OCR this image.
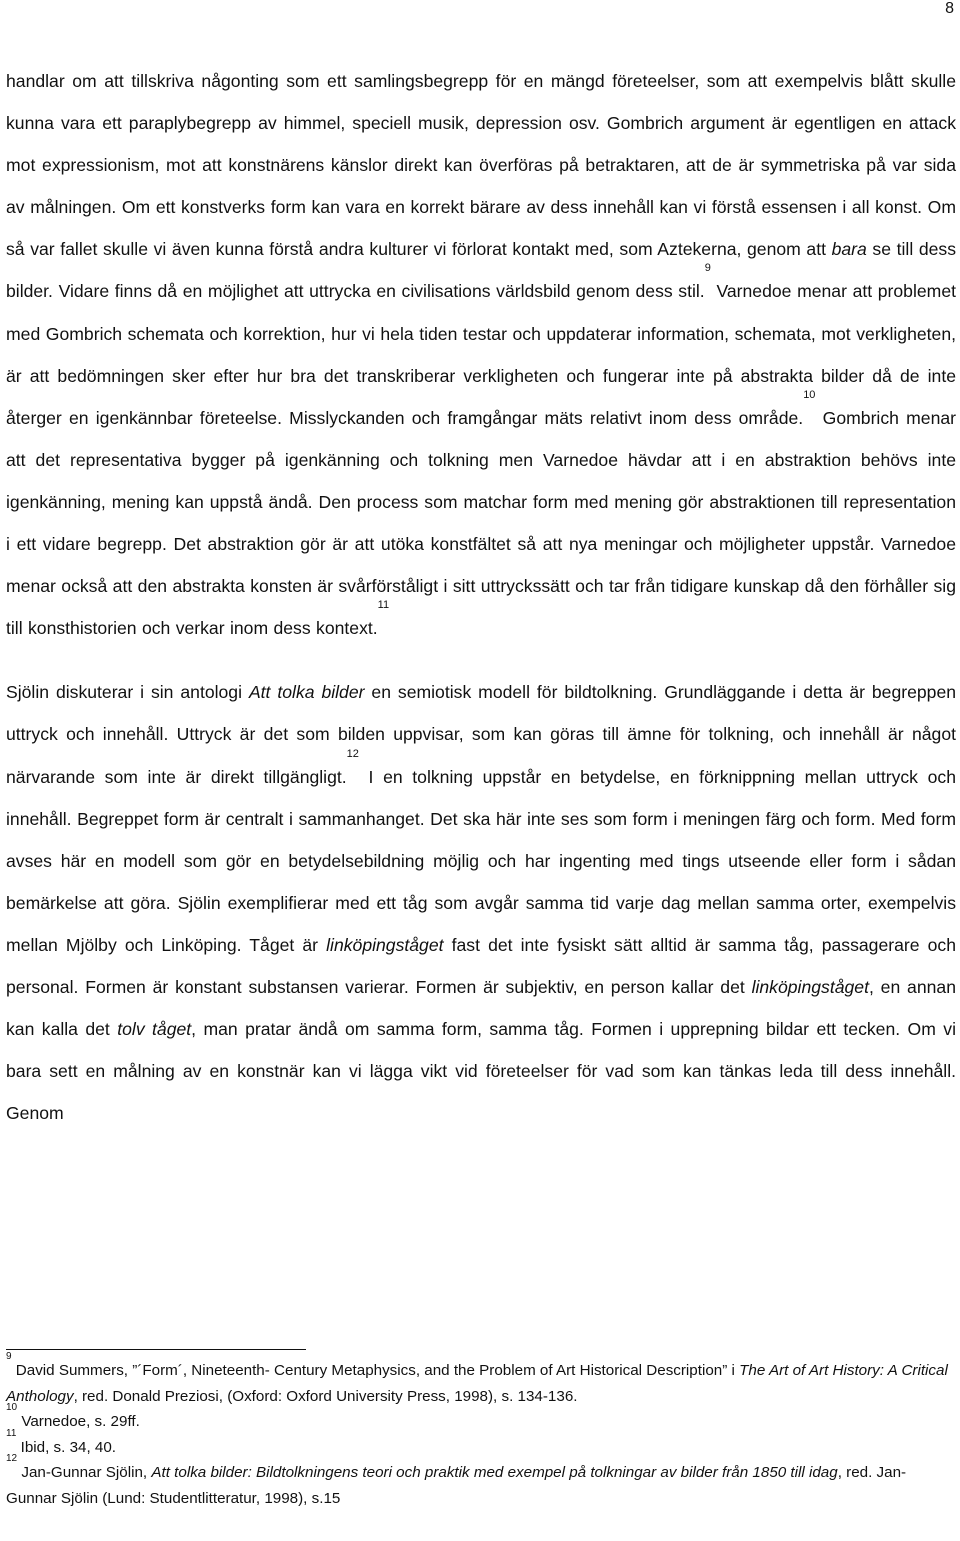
8

handlar om att tillskriva någonting som ett samlingsbegrepp för en mängd företeelser, som att exempelvis blått skulle kunna vara ett paraplybegrepp av himmel, speciell musik, depression osv. Gombrich argument är egentligen en attack mot expressionism, mot att konstnärens känslor direkt kan överföras på betraktaren, att de är symmetriska på var sida av målningen. Om ett konstverks form kan vara en korrekt bärare av dess innehåll kan vi förstå essensen i all konst. Om så var fallet skulle vi även kunna förstå andra kulturer vi förlorat kontakt med, som Aztekerna, genom att bara se till dess bilder. Vidare finns då en möjlighet att uttrycka en civilisations världsbild genom dess stil.$^9$ Varnedoe menar att problemet med Gombrich schemata och korrektion, hur vi hela tiden testar och uppdaterar information, schemata, mot verkligheten, är att bedömningen sker efter hur bra det transkriberar verkligheten och fungerar inte på abstrakta bilder då de inte återger en igenkännbar företeelse. Misslyckanden och framgångar mäts relativt inom dess område.$^{10}$ Gombrich menar att det representativa bygger på igenkänning och tolkning men Varnedoe hävdar att i en abstraktion behövs inte igenkänning, mening kan uppstå ändå. Den process som matchar form med mening gör abstraktionen till representation i ett vidare begrepp. Det abstraktion gör är att utöka konstfältet så att nya meningar och möjligheter uppstår. Varnedoe menar också att den abstrakta konsten är svårförståligt i sitt uttryckssätt och tar från tidigare kunskap då den förhåller sig till konsthistorien och verkar inom dess kontext.$^{11}$

Sjölin diskuterar i sin antologi Att tolka bilder en semiotisk modell för bildtolkning. Grundläggande i detta är begreppen uttryck och innehåll. Uttryck är det som bilden uppvisar, som kan göras till ämne för tolkning, och innehåll är något närvarande som inte är direkt tillgängligt.$^{12}$ I en tolkning uppstår en betydelse, en förknippning mellan uttryck och innehåll. Begreppet form är centralt i sammanhanget. Det ska här inte ses som form i meningen färg och form. Med form avses här en modell som gör en betydelsebildning möjlig och har ingenting med tings utseende eller form i sådan bemärkelse att göra. Sjölin exemplifierar med ett tåg som avgår samma tid varje dag mellan samma orter, exempelvis mellan Mjölby och Linköping. Tåget är linköpingståget fast det inte fysiskt sätt alltid är samma tåg, passagerare och personal. Formen är konstant substansen varierar. Formen är subjektiv, en person kallar det linköpingståget, en annan kan kalla det tolv tåget, man pratar ändå om samma form, samma tåg. Formen i upprepning bildar ett tecken. Om vi bara sett en målning av en konstnär kan vi lägga vikt vid företeelser för vad som kan tänkas leda till dess innehåll. Genom

$^9$ David Summers, ”´Form´, Nineteenth- Century Metaphysics, and the Problem of Art Historical Description” i The Art of Art History: A Critical Anthology, red. Donald Preziosi, (Oxford: Oxford University Press, 1998), s. 134-136.

$^{10}$ Varnedoe, s. 29ff.

$^{11}$ Ibid, s. 34, 40.

$^{12}$ Jan-Gunnar Sjölin, Att tolka bilder: Bildtolkningens teori och praktik med exempel på tolkningar av bilder från 1850 till idag, red. Jan-Gunnar Sjölin (Lund: Studentlitteratur, 1998), s.15
